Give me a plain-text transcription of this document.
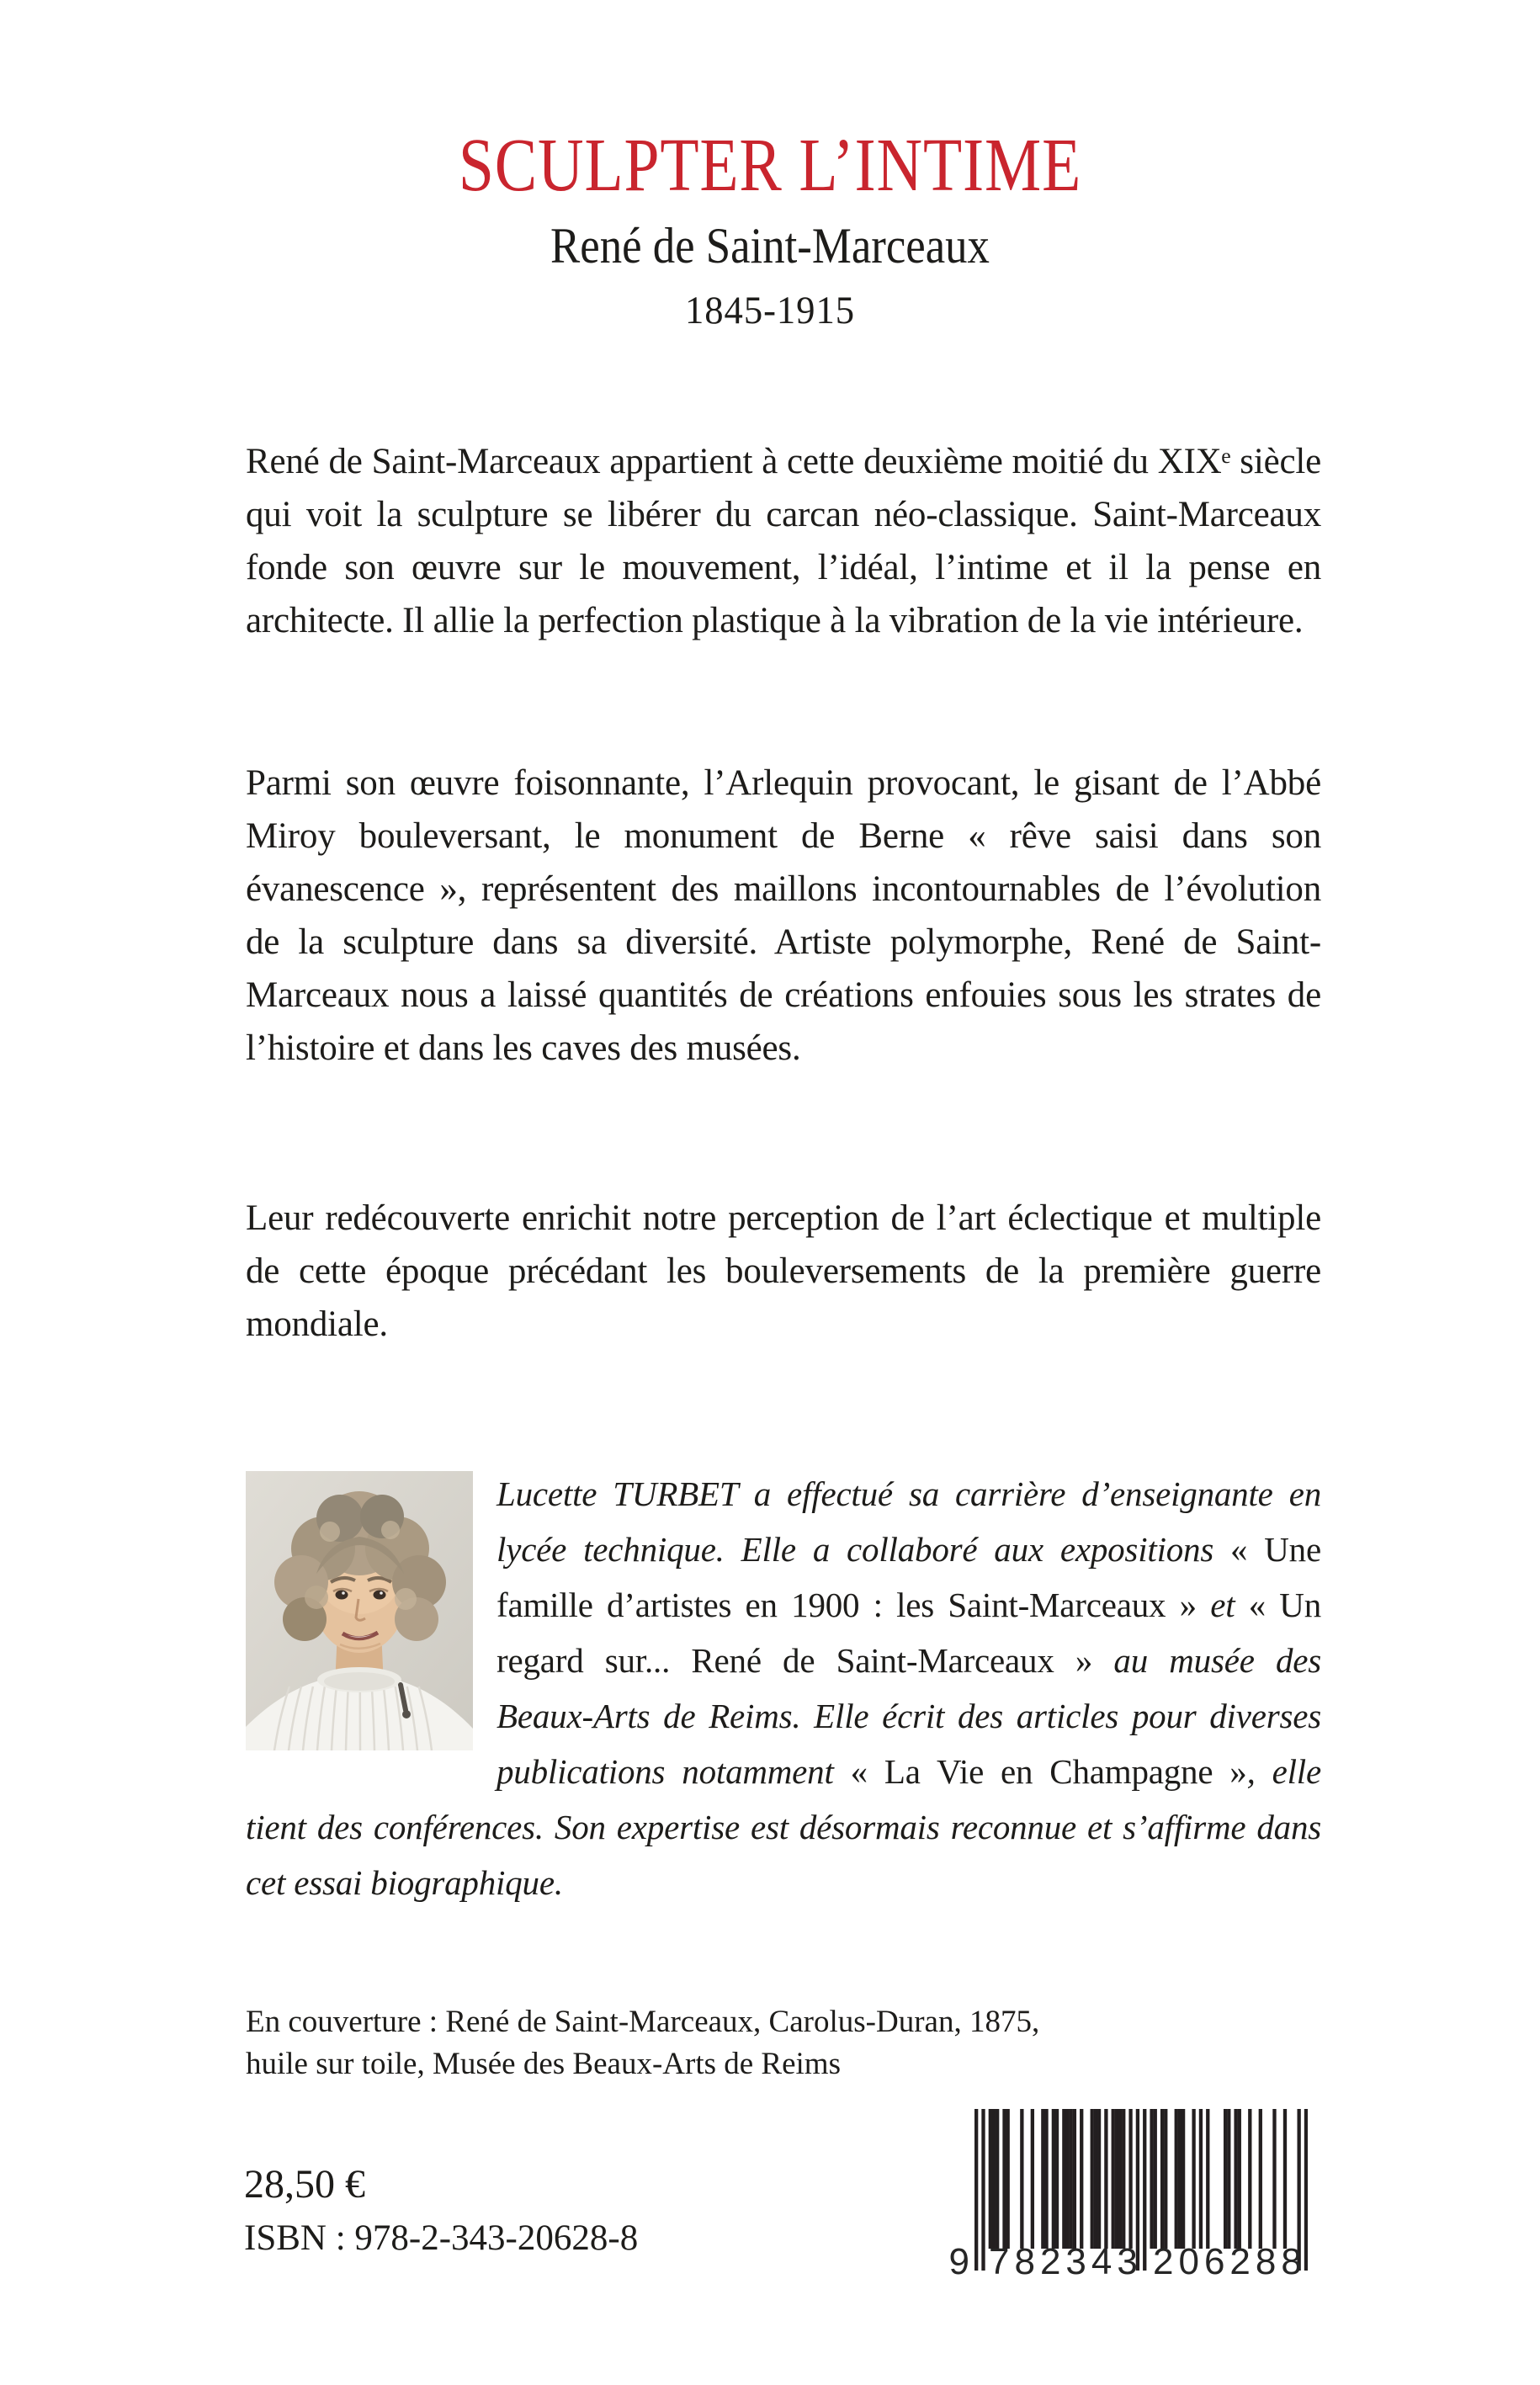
SCULPTER L’INTIME
René de Saint-Marceaux
1845-1915

René de Saint-Marceaux appartient à cette deuxième moitié du XIXᵉ siècle qui voit la sculpture se libérer du carcan néo-classique. Saint-Marceaux fonde son œuvre sur le mouvement, l’idéal, l’intime et il la pense en architecte. Il allie la perfection plastique à la vibration de la vie intérieure.

Parmi son œuvre foisonnante, l’Arlequin provocant, le gisant de l’Abbé Miroy bouleversant, le monument de Berne « rêve saisi dans son évanescence », représentent des maillons incontournables de l’évolution de la sculpture dans sa diversité. Artiste polymorphe, René de Saint-Marceaux nous a laissé quantités de créations enfouies sous les strates de l’histoire et dans les caves des musées.

Leur redécouverte enrichit notre perception de l’art éclectique et multiple de cette époque précédant les bouleversements de la première guerre mondiale.

Lucette TURBET a effectué sa carrière d’enseignante en lycée technique. Elle a collaboré aux expositions « Une famille d’artistes en 1900 : les Saint-Marceaux » et « Un regard sur... René de Saint-Marceaux » au musée des Beaux-Arts de Reims. Elle écrit des articles pour diverses publications notamment « La Vie en Champagne », elle tient des conférences. Son expertise est désormais reconnue et s’affirme dans cet essai biographique.

En couverture : René de Saint-Marceaux, Carolus-Duran, 1875,
huile sur toile, Musée des Beaux-Arts de Reims

28,50 €
ISBN : 978-2-343-20628-8
9 782343 206288
